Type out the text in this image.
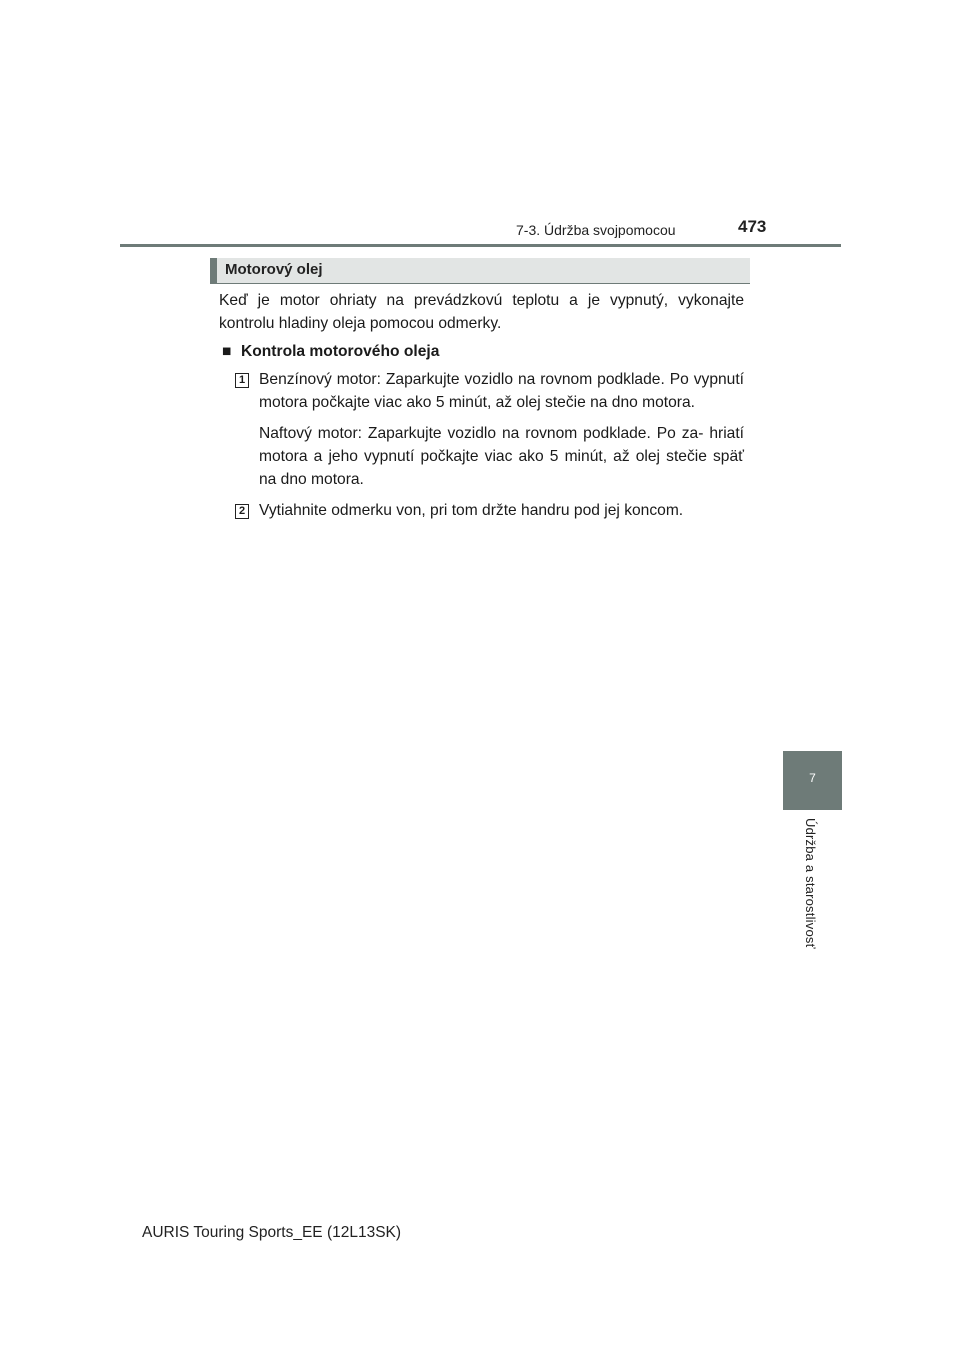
7-3. Údržba svojpomocou	473
7
Údržba a starostlivosť
Motorový olej

Keď je motor ohriaty na prevádzkovú teplotu a je vypnutý, vykonajte kontrolu hladiny oleja pomocou odmerky.

■ Kontrola motorového oleja
1 Benzínový motor: Zaparkujte vozidlo na rovnom podklade. Po vypnutí motora počkajte viac ako 5 minút, až olej stečie na dno motora.

Naftový motor: Zaparkujte vozidlo na rovnom podklade. Po za- hriatí motora a jeho vypnutí počkajte viac ako 5 minút, až olej stečie späť na dno motora.

2 Vytiahnite odmerku von, pri tom držte handru pod jej koncom.

AURIS Touring Sports_EE (12L13SK)
